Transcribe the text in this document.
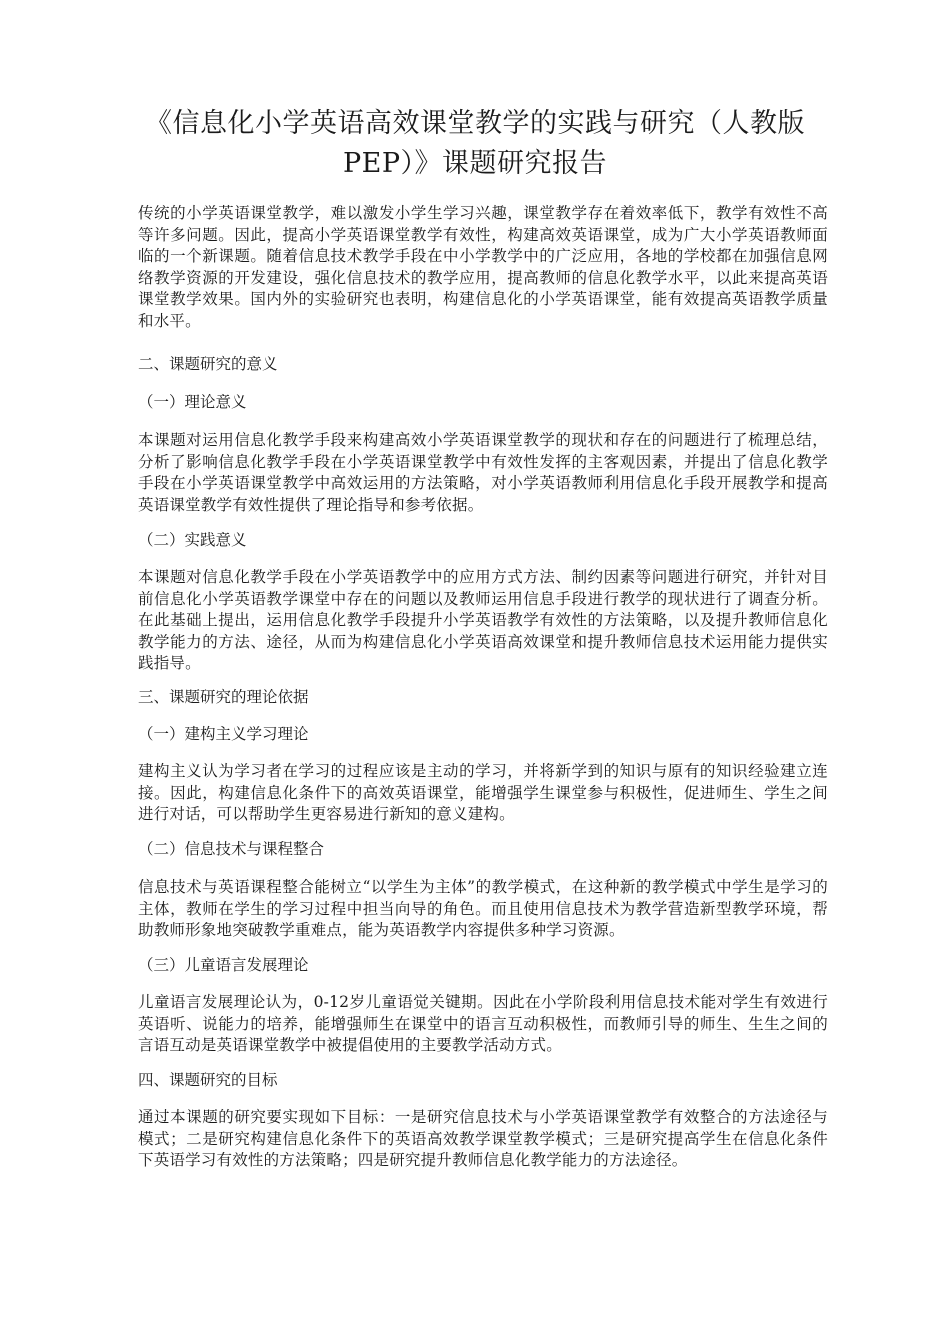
《信息化小学英语高效课堂教学的实践与研究（人教版
PEP）》课题研究报告

传统的小学英语课堂教学，难以激发小学生学习兴趣，课堂教学存在着效率低下，教学有效性不高等许多问题。因此，提高小学英语课堂教学有效性，构建高效英语课堂，成为广大小学英语教师面临的一个新课题。随着信息技术教学手段在中小学教学中的广泛应用，各地的学校都在加强信息网络教学资源的开发建设，强化信息技术的教学应用，提高教师的信息化教学水平，以此来提高英语课堂教学效果。国内外的实验研究也表明，构建信息化的小学英语课堂，能有效提高英语教学质量和水平。

二、课题研究的意义

（一）理论意义

本课题对运用信息化教学手段来构建高效小学英语课堂教学的现状和存在的问题进行了梳理总结，分析了影响信息化教学手段在小学英语课堂教学中有效性发挥的主客观因素，并提出了信息化教学手段在小学英语课堂教学中高效运用的方法策略，对小学英语教师利用信息化手段开展教学和提高英语课堂教学有效性提供了理论指导和参考依据。

（二）实践意义

本课题对信息化教学手段在小学英语教学中的应用方式方法、制约因素等问题进行研究，并针对目前信息化小学英语教学课堂中存在的问题以及教师运用信息手段进行教学的现状进行了调查分析。在此基础上提出，运用信息化教学手段提升小学英语教学有效性的方法策略，以及提升教师信息化教学能力的方法、途径，从而为构建信息化小学英语高效课堂和提升教师信息技术运用能力提供实践指导。

三、课题研究的理论依据

（一）建构主义学习理论

建构主义认为学习者在学习的过程应该是主动的学习，并将新学到的知识与原有的知识经验建立连接。因此，构建信息化条件下的高效英语课堂，能增强学生课堂参与积极性，促进师生、学生之间进行对话，可以帮助学生更容易进行新知的意义建构。

（二）信息技术与课程整合

信息技术与英语课程整合能树立“以学生为主体”的教学模式，在这种新的教学模式中学生是学习的主体，教师在学生的学习过程中担当向导的角色。而且使用信息技术为教学营造新型教学环境，帮助教师形象地突破教学重难点，能为英语教学内容提供多种学习资源。

（三）儿童语言发展理论

儿童语言发展理论认为，0-12岁儿童语觉关键期。因此在小学阶段利用信息技术能对学生有效进行英语听、说能力的培养，能增强师生在课堂中的语言互动积极性，而教师引导的师生、生生之间的言语互动是英语课堂教学中被提倡使用的主要教学活动方式。

四、课题研究的目标

通过本课题的研究要实现如下目标：一是研究信息技术与小学英语课堂教学有效整合的方法途径与模式；二是研究构建信息化条件下的英语高效教学课堂教学模式；三是研究提高学生在信息化条件下英语学习有效性的方法策略；四是研究提升教师信息化教学能力的方法途径。
